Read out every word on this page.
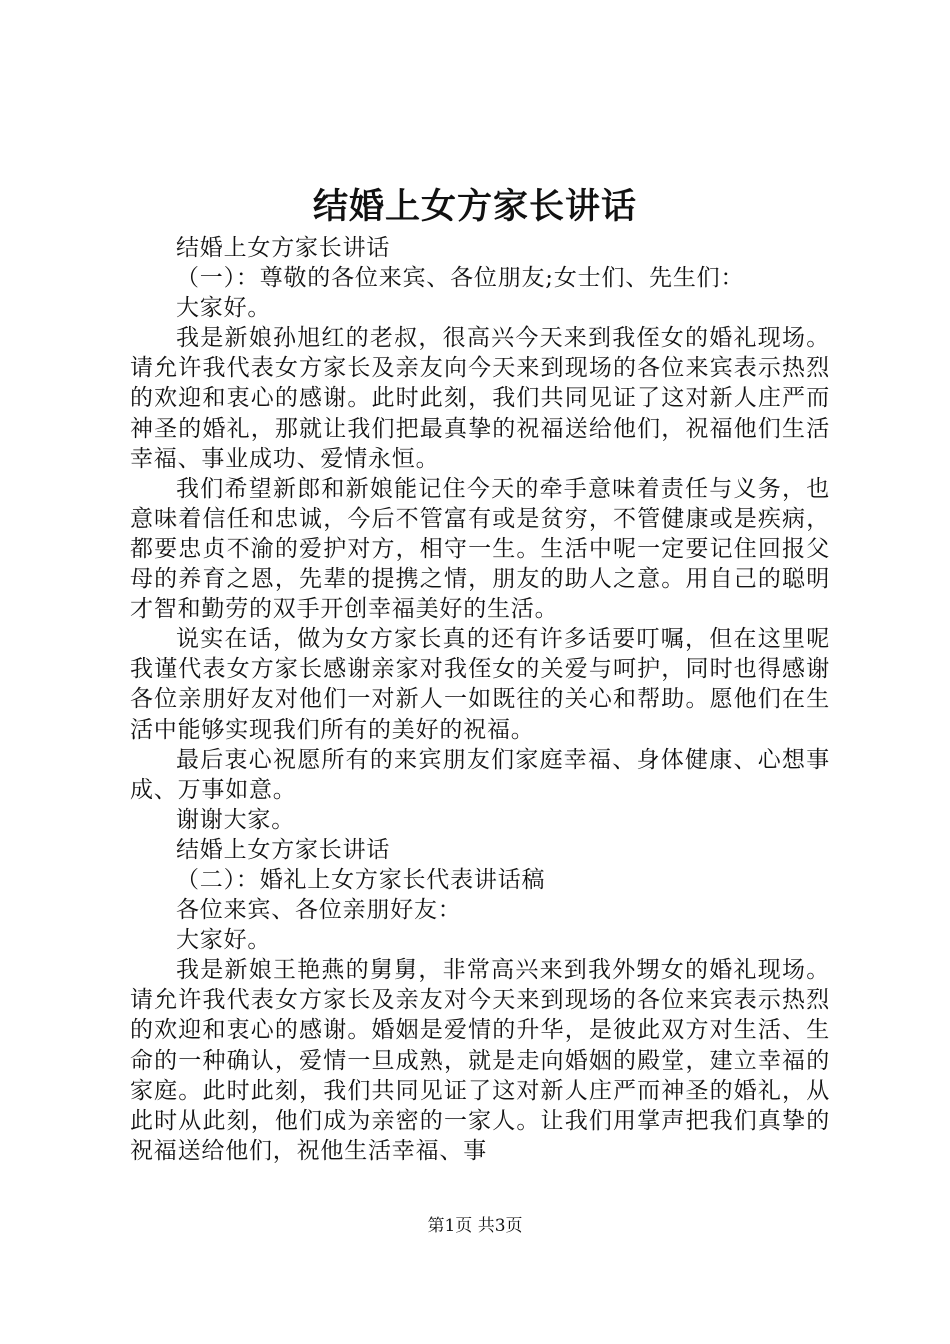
结婚上女方家长讲话

结婚上女方家长讲话

（一）：尊敬的各位来宾、各位朋友;女士们、先生们：

大家好。

我是新娘孙旭红的老叔，很高兴今天来到我侄女的婚礼现场。请允许我代表女方家长及亲友向今天来到现场的各位来宾表示热烈的欢迎和衷心的感谢。此时此刻，我们共同见证了这对新人庄严而神圣的婚礼，那就让我们把最真挚的祝福送给他们，祝福他们生活幸福、事业成功、爱情永恒。

我们希望新郎和新娘能记住今天的牵手意味着责任与义务，也意味着信任和忠诚，今后不管富有或是贫穷，不管健康或是疾病，都要忠贞不渝的爱护对方，相守一生。生活中呢一定要记住回报父母的养育之恩，先辈的提携之情，朋友的助人之意。用自己的聪明才智和勤劳的双手开创幸福美好的生活。

说实在话，做为女方家长真的还有许多话要叮嘱，但在这里呢我谨代表女方家长感谢亲家对我侄女的关爱与呵护，同时也得感谢各位亲朋好友对他们一对新人一如既往的关心和帮助。愿他们在生活中能够实现我们所有的美好的祝福。

最后衷心祝愿所有的来宾朋友们家庭幸福、身体健康、心想事成、万事如意。

谢谢大家。

结婚上女方家长讲话

（二）：婚礼上女方家长代表讲话稿

各位来宾、各位亲朋好友：

大家好。

我是新娘王艳燕的舅舅，非常高兴来到我外甥女的婚礼现场。请允许我代表女方家长及亲友对今天来到现场的各位来宾表示热烈的欢迎和衷心的感谢。婚姻是爱情的升华，是彼此双方对生活、生命的一种确认，爱情一旦成熟，就是走向婚姻的殿堂，建立幸福的家庭。此时此刻，我们共同见证了这对新人庄严而神圣的婚礼，从此时从此刻，他们成为亲密的一家人。让我们用掌声把我们真挚的祝福送给他们，祝他生活幸福、事

第1页 共3页
